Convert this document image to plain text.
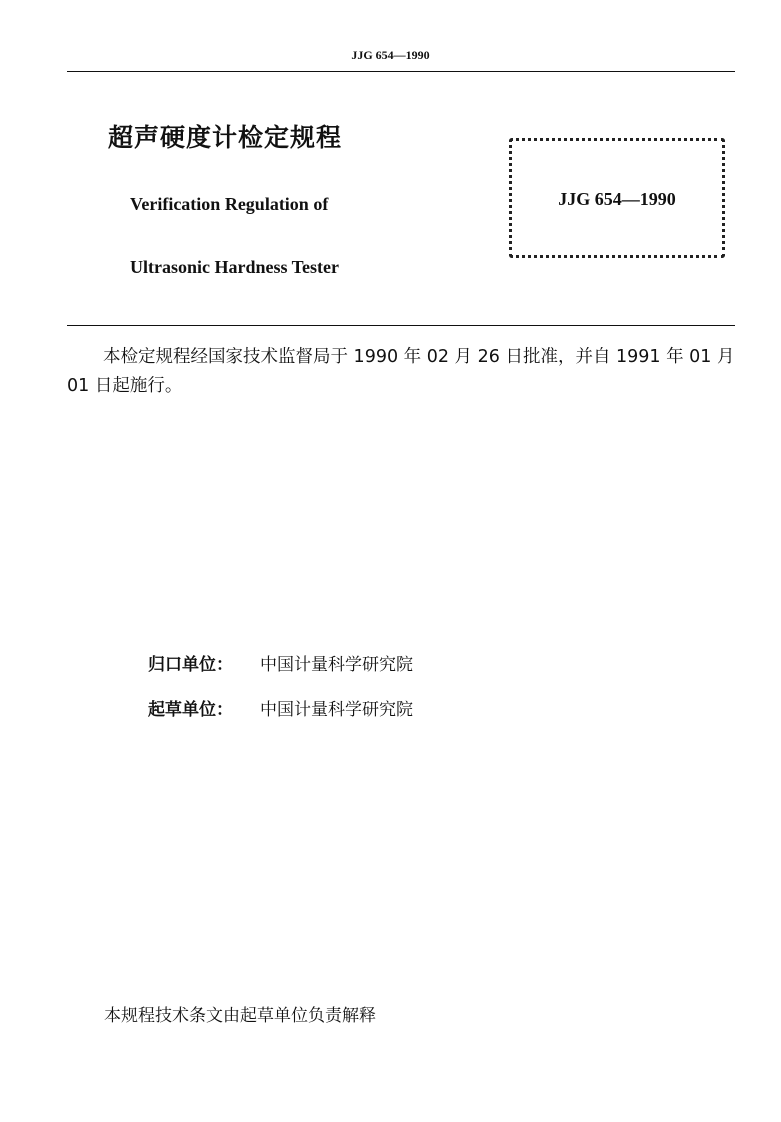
JJG 654—1990
超声硬度计检定规程
Verification Regulation of
Ultrasonic Hardness Tester
JJG 654—1990
本检定规程经国家技术监督局于 1990 年 02 月 26 日批准，并自 1991 年 01 月 01 日起施行。
归口单位： 中国计量科学研究院
起草单位： 中国计量科学研究院
本规程技术条文由起草单位负责解释
